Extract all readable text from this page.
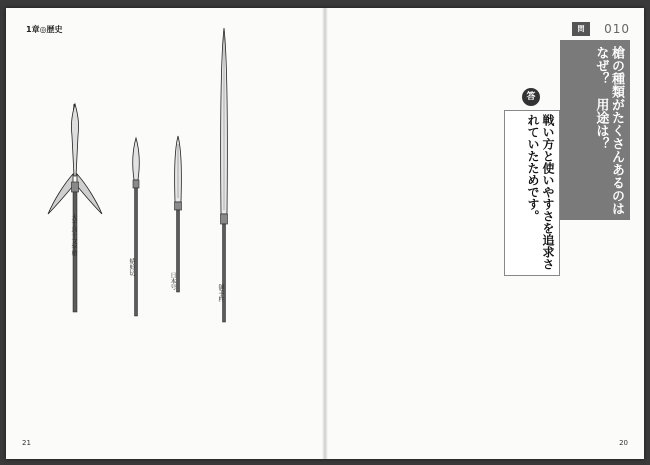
1章◎歴史
大千鳥十文字槍
蜻蛉切
日本号
御手杵
21
問	010
槍の種類がたくさんあるのはなぜ？　用途は？
答
戦い方と使いやすさを追求されていたためです。
20
